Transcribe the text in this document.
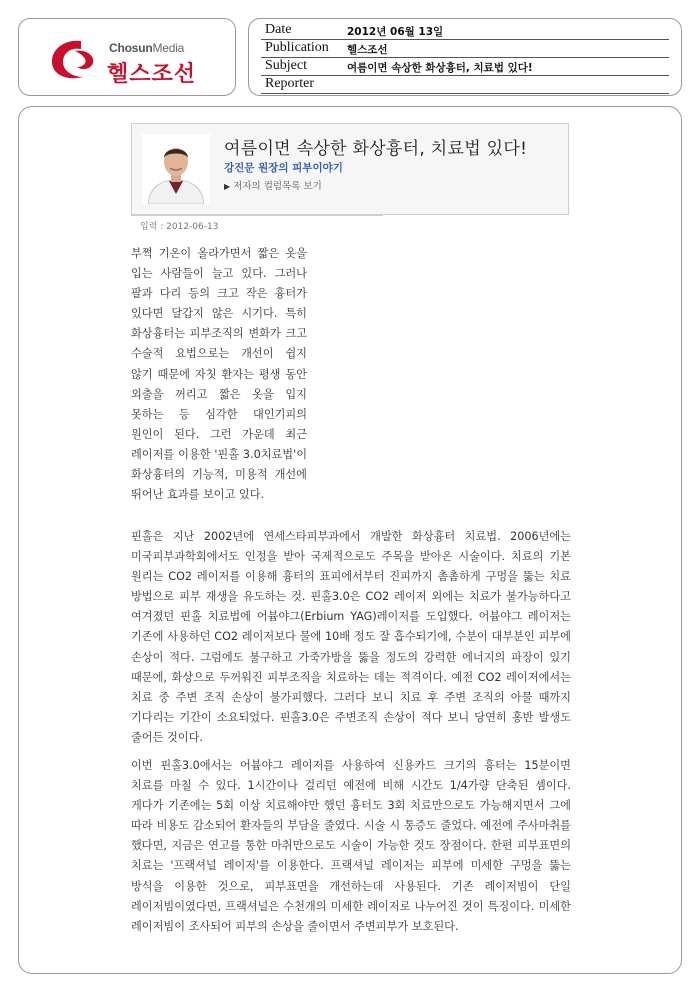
ChosunMedia
헬스조선
Date	2012년 06월 13일
Publication 헬스조선
Subject	여름이면 속상한 화상흉터, 치료법 있다!
Reporter
여름이면 속상한 화상흉터, 치료법 있다!
강진문 원장의 피부이야기
▶ 저자의 컬럼목록 보기
입력 : 2012-06-13

부쩍 기온이 올라가면서 짧은 옷을 입는 사람들이 늘고 있다. 그러나 팔과 다리 등의 크고 작은 흉터가 있다면 달갑지 않은 시기다. 특히 화상흉터는 피부조직의 변화가 크고 수술적 요법으로는 개선이 쉽지 않기 때문에 자칫 환자는 평생 동안 외출을 꺼리고 짧은 옷을 입지 못하는 등 심각한 대인기피의 원인이 된다. 그런 가운데 최근 레이저를 이용한 '핀홀 3.0치료법'이 화상흉터의 기능적, 미용적 개선에 뛰어난 효과를 보이고 있다.

핀홀은 지난 2002년에 연세스타피부과에서 개발한 화상흉터 치료법. 2006년에는 미국피부과학회에서도 인정을 받아 국제적으로도 주목을 받아온 시술이다. 치료의 기본 원리는 CO2 레이저를 이용해 흉터의 표피에서부터 진피까지 촘촘하게 구멍을 뚫는 치료 방법으로 피부 재생을 유도하는 것. 핀홀3.0은 CO2 레이저 외에는 치료가 불가능하다고 여겨졌던 핀홀 치료법에 어븀야그(Erbium YAG)레이저를 도입했다. 어븀야그 레이저는 기존에 사용하던 CO2 레이저보다 물에 10배 정도 잘 흡수되기에, 수분이 대부분인 피부에 손상이 적다. 그럼에도 불구하고 가죽가방을 뚫을 정도의 강력한 에너지의 파장이 있기 때문에, 화상으로 두꺼워진 피부조직을 치료하는 데는 적격이다. 예전 CO2 레이저에서는 치료 중 주변 조직 손상이 불가피했다. 그러다 보니 치료 후 주변 조직의 아물 때까지 기다리는 기간이 소요되었다. 핀홀3.0은 주변조직 손상이 적다 보니 당연히 홍반 발생도 줄어든 것이다.

이번 핀홀3.0에서는 어븀야그 레이저를 사용하여 신용카드 크기의 흉터는 15분이면 치료를 마칠 수 있다. 1시간이나 걸리던 예전에 비해 시간도 1/4가량 단축된 셈이다. 게다가 기존에는 5회 이상 치료해야만 했던 흉터도 3회 치료만으로도 가능해지면서 그에 따라 비용도 감소되어 환자들의 부담을 줄였다. 시술 시 통증도 줄었다. 예전에 주사마취를 했다면, 지금은 연고를 통한 마취만으로도 시술이 가능한 것도 장점이다. 한편 피부표면의 치료는 '프랙셔널 레이저'를 이용한다. 프랙셔널 레이저는 피부에 미세한 구멍을 뚫는 방식을 이용한 것으로, 피부표면을 개선하는데 사용된다. 기존 레이저빔이 단일 레이저빔이였다면, 프랙셔널은 수천개의 미세한 레이저로 나누어진 것이 특징이다. 미세한 레이저빔이 조사되어 피부의 손상을 줄이면서 주변피부가 보호된다.
